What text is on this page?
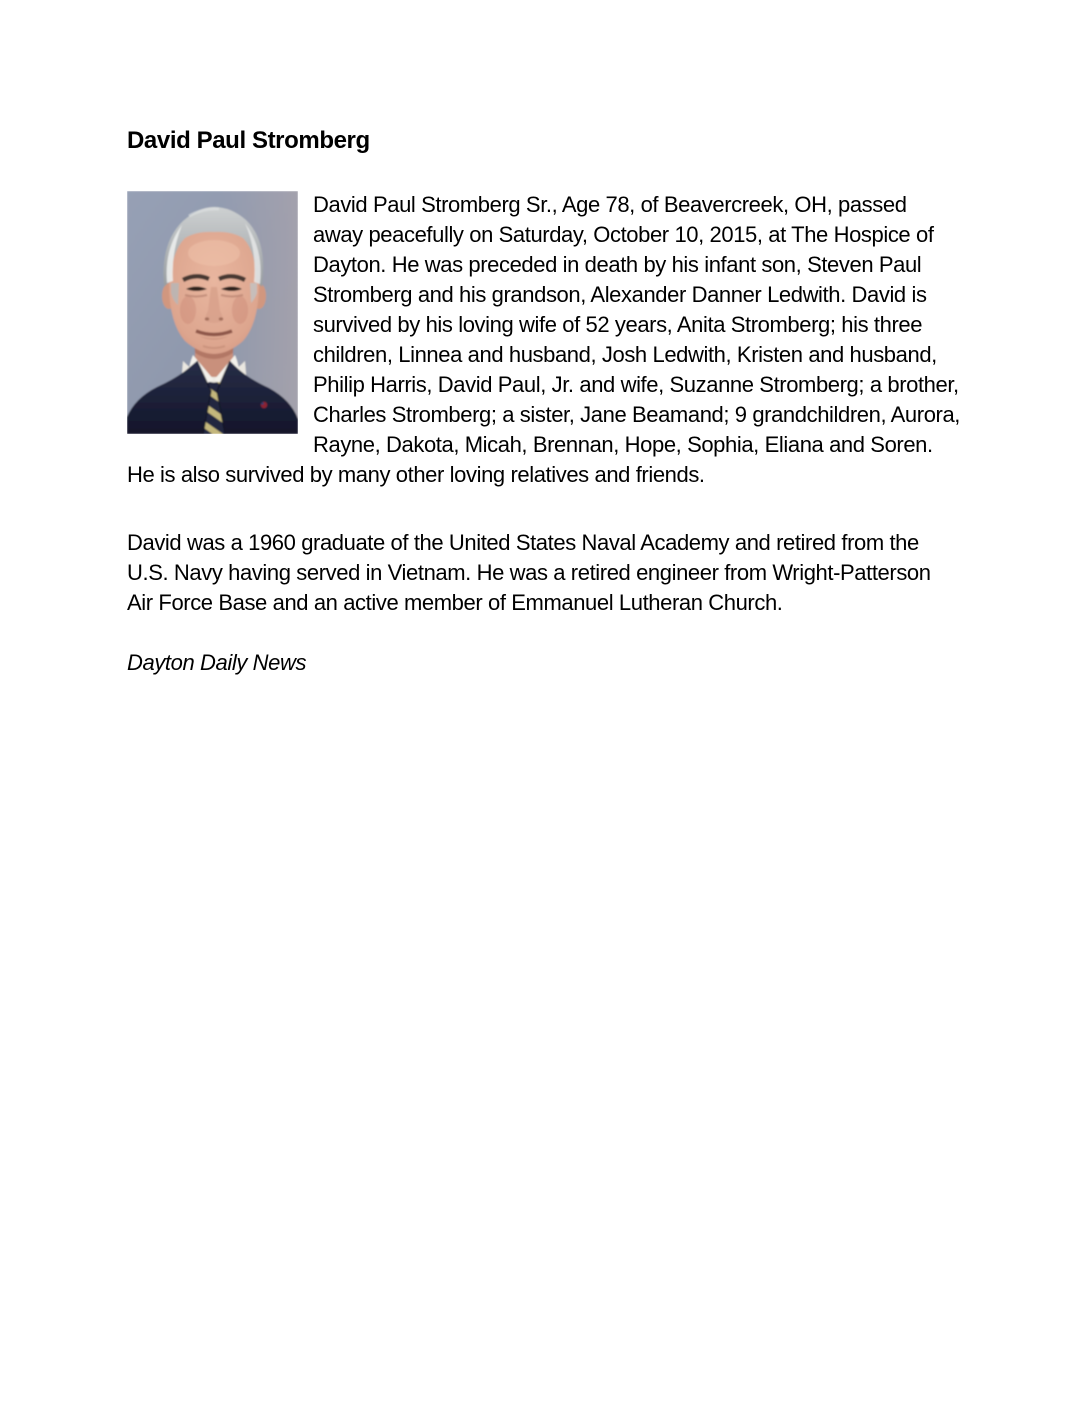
David Paul Stromberg
David Paul Stromberg Sr., Age 78, of Beavercreek, OH, passed away peacefully on Saturday, October 10, 2015, at The Hospice of Dayton. He was preceded in death by his infant son, Steven Paul Stromberg and his grandson, Alexander Danner Ledwith. David is survived by his loving wife of 52 years, Anita Stromberg; his three children, Linnea and husband, Josh Ledwith, Kristen and husband, Philip Harris, David Paul, Jr. and wife, Suzanne Stromberg; a brother, Charles Stromberg; a sister, Jane Beamand; 9 grandchildren, Aurora, Rayne, Dakota, Micah, Brennan, Hope, Sophia, Eliana and Soren. He is also survived by many other loving relatives and friends.

David was a 1960 graduate of the United States Naval Academy and retired from the U.S. Navy having served in Vietnam. He was a retired engineer from Wright-Patterson Air Force Base and an active member of Emmanuel Lutheran Church.

Dayton Daily News
